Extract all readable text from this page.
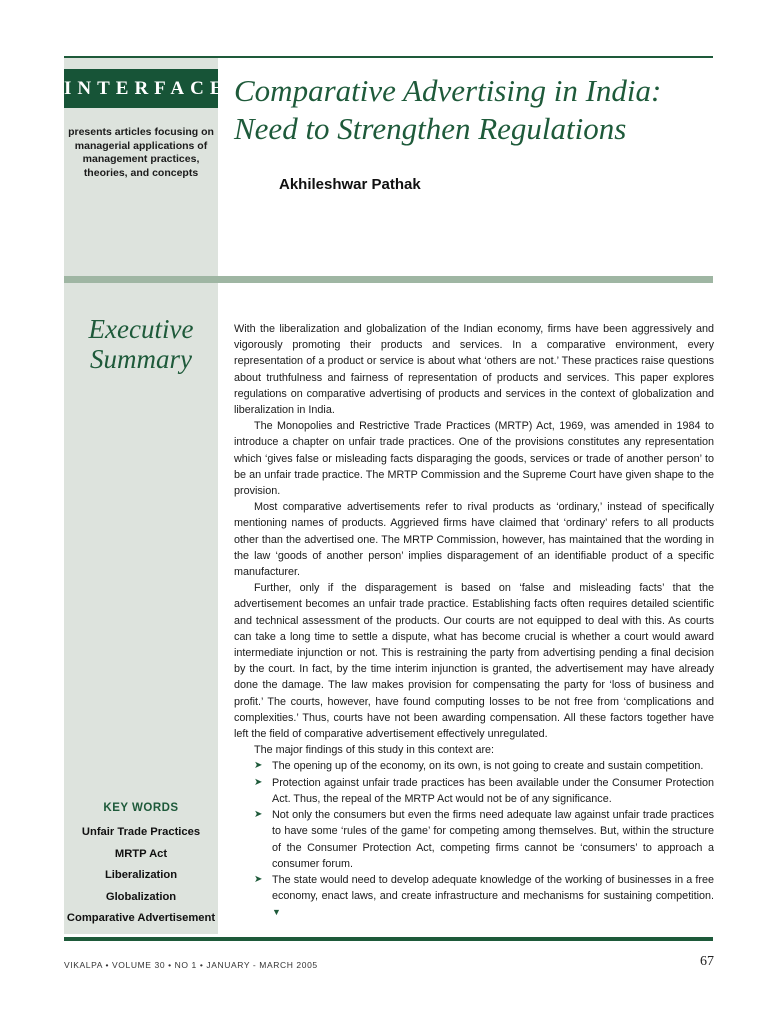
INTERFACES
presents articles focusing on managerial applications of management practices, theories, and concepts
Comparative Advertising in India:
Need to Strengthen Regulations
Akhileshwar Pathak
Executive
Summary
KEY WORDS
Unfair Trade Practices
MRTP Act
Liberalization
Globalization
Comparative Advertisement

With the liberalization and globalization of the Indian economy, firms have been aggressively and vigorously promoting their products and services. In a comparative environment, every representation of a product or service is about what ‘others are not.’ These practices raise questions about truthfulness and fairness of representation of products and services. This paper explores regulations on comparative advertising of products and services in the context of globalization and liberalization in India.

The Monopolies and Restrictive Trade Practices (MRTP) Act, 1969, was amended in 1984 to introduce a chapter on unfair trade practices. One of the provisions constitutes any representation which ‘gives false or misleading facts disparaging the goods, services or trade of another person’ to be an unfair trade practice. The MRTP Commission and the Supreme Court have given shape to the provision.

Most comparative advertisements refer to rival products as ‘ordinary,’ instead of specifically mentioning names of products. Aggrieved firms have claimed that ‘ordinary’ refers to all products other than the advertised one. The MRTP Commission, however, has maintained that the wording in the law ‘goods of another person’ implies disparagement of an identifiable product of a specific manufacturer.

Further, only if the disparagement is based on ‘false and misleading facts’ that the advertisement becomes an unfair trade practice. Establishing facts often requires detailed scientific and technical assessment of the products. Our courts are not equipped to deal with this. As courts can take a long time to settle a dispute, what has become crucial is whether a court would award intermediate injunction or not. This is restraining the party from advertising pending a final decision by the court. In fact, by the time interim injunction is granted, the advertisement may have already done the damage. The law makes provision for compensating the party for ‘loss of business and profit.’ The courts, however, have found computing losses to be not free from ‘complications and complexities.’ Thus, courts have not been awarding compensation. All these factors together have left the field of comparative advertisement effectively unregulated.

The major findings of this study in this context are:

➤ The opening up of the economy, on its own, is not going to create and sustain competition.
➤ Protection against unfair trade practices has been available under the Consumer Protection Act. Thus, the repeal of the MRTP Act would not be of any significance.
➤ Not only the consumers but even the firms need adequate law against unfair trade practices to have some ‘rules of the game’ for competing among themselves. But, within the structure of the Consumer Protection Act, competing firms cannot be ‘consumers’ to approach a consumer forum.
➤ The state would need to develop adequate knowledge of the working of businesses in a free economy, enact laws, and create infrastructure and mechanisms for sustaining competition. ▼
VIKALPA • VOLUME 30 • NO 1 • JANUARY - MARCH 2005	67
